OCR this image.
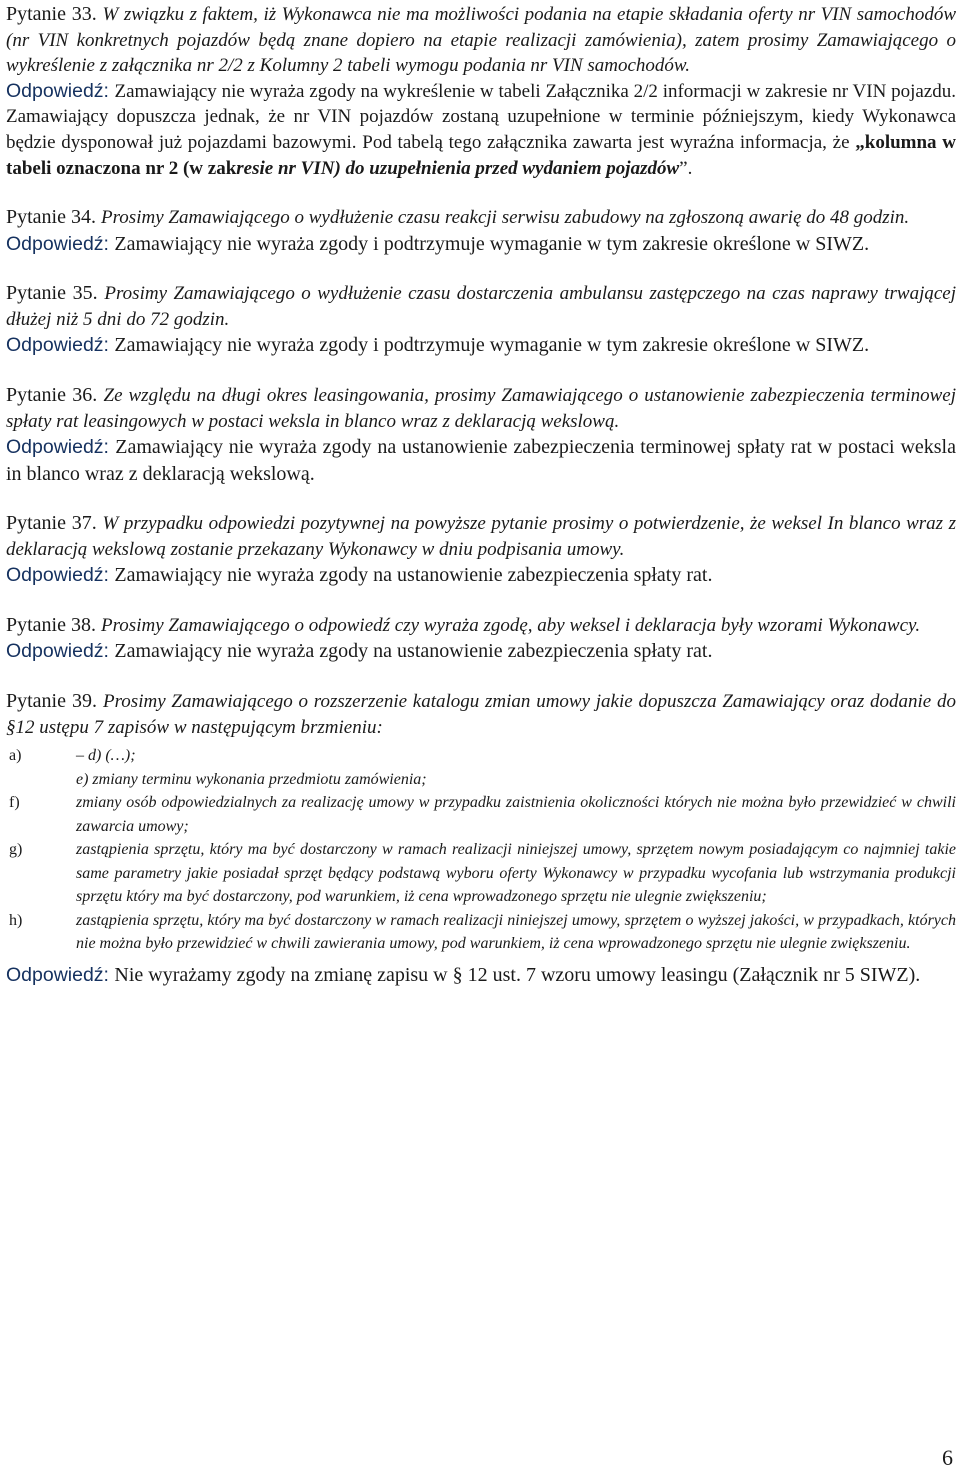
Pytanie 33. W związku z faktem, iż Wykonawca nie ma możliwości podania na etapie składania oferty nr VIN samochodów (nr VIN konkretnych pojazdów będą znane dopiero na etapie realizacji zamówienia), zatem prosimy Zamawiającego o wykreślenie z załącznika nr 2/2 z Kolumny 2 tabeli wymogu podania nr VIN samochodów.

Odpowiedź: Zamawiający nie wyraża zgody na wykreślenie w tabeli Załącznika 2/2 informacji w zakresie nr VIN pojazdu. Zamawiający dopuszcza jednak, że nr VIN pojazdów zostaną uzupełnione w terminie późniejszym, kiedy Wykonawca będzie dysponował już pojazdami bazowymi. Pod tabelą tego załącznika zawarta jest wyraźna informacja, że „kolumna w tabeli oznaczona nr 2 (w zakresie nr VIN) do uzupełnienia przed wydaniem pojazdów”.

Pytanie 34. Prosimy Zamawiającego o wydłużenie czasu reakcji serwisu zabudowy na zgłoszoną awarię do 48 godzin.

Odpowiedź: Zamawiający nie wyraża zgody i podtrzymuje wymaganie w tym zakresie określone w SIWZ.

Pytanie 35. Prosimy Zamawiającego o wydłużenie czasu dostarczenia ambulansu zastępczego na czas naprawy trwającej dłużej niż 5 dni do 72 godzin.

Odpowiedź: Zamawiający nie wyraża zgody i podtrzymuje wymaganie w tym zakresie określone w SIWZ.

Pytanie 36. Ze względu na długi okres leasingowania, prosimy Zamawiającego o ustanowienie zabezpieczenia terminowej spłaty rat leasingowych w postaci weksla in blanco wraz z deklaracją wekslową.

Odpowiedź: Zamawiający nie wyraża zgody na ustanowienie zabezpieczenia terminowej spłaty rat w postaci weksla in blanco wraz z deklaracją wekslową.

Pytanie 37. W przypadku odpowiedzi pozytywnej na powyższe pytanie prosimy o potwierdzenie, że weksel In blanco wraz z deklaracją wekslową zostanie przekazany Wykonawcy w dniu podpisania umowy.

Odpowiedź: Zamawiający nie wyraża zgody na ustanowienie zabezpieczenia spłaty rat.

Pytanie 38. Prosimy Zamawiającego o odpowiedź czy wyraża zgodę, aby weksel i deklaracja były wzorami Wykonawcy.

Odpowiedź: Zamawiający nie wyraża zgody na ustanowienie zabezpieczenia spłaty rat.

Pytanie 39. Prosimy Zamawiającego o rozszerzenie katalogu zmian umowy jakie dopuszcza Zamawiający oraz dodanie do §12 ustępu 7 zapisów w następującym brzmieniu:

a)	– d) (…);
e) zmiany terminu wykonania przedmiotu zamówienia;
f)	zmiany osób odpowiedzialnych za realizację umowy w przypadku zaistnienia okoliczności których nie można było przewidzieć w chwili zawarcia umowy;
g)	zastąpienia sprzętu, który ma być dostarczony w ramach realizacji niniejszej umowy, sprzętem nowym posiadającym co najmniej takie same parametry jakie posiadał sprzęt będący podstawą wyboru oferty Wykonawcy w przypadku wycofania lub wstrzymania produkcji sprzętu który ma być dostarczony, pod warunkiem, iż cena wprowadzonego sprzętu nie ulegnie zwiększeniu;
h)	zastąpienia sprzętu, który ma być dostarczony w ramach realizacji niniejszej umowy, sprzętem o wyższej jakości, w przypadkach, których nie można było przewidzieć w chwili zawierania umowy, pod warunkiem, iż cena wprowadzonego sprzętu nie ulegnie zwiększeniu.

Odpowiedź: Nie wyrażamy zgody na zmianę zapisu w § 12 ust. 7 wzoru umowy leasingu (Załącznik nr 5 SIWZ).

6
